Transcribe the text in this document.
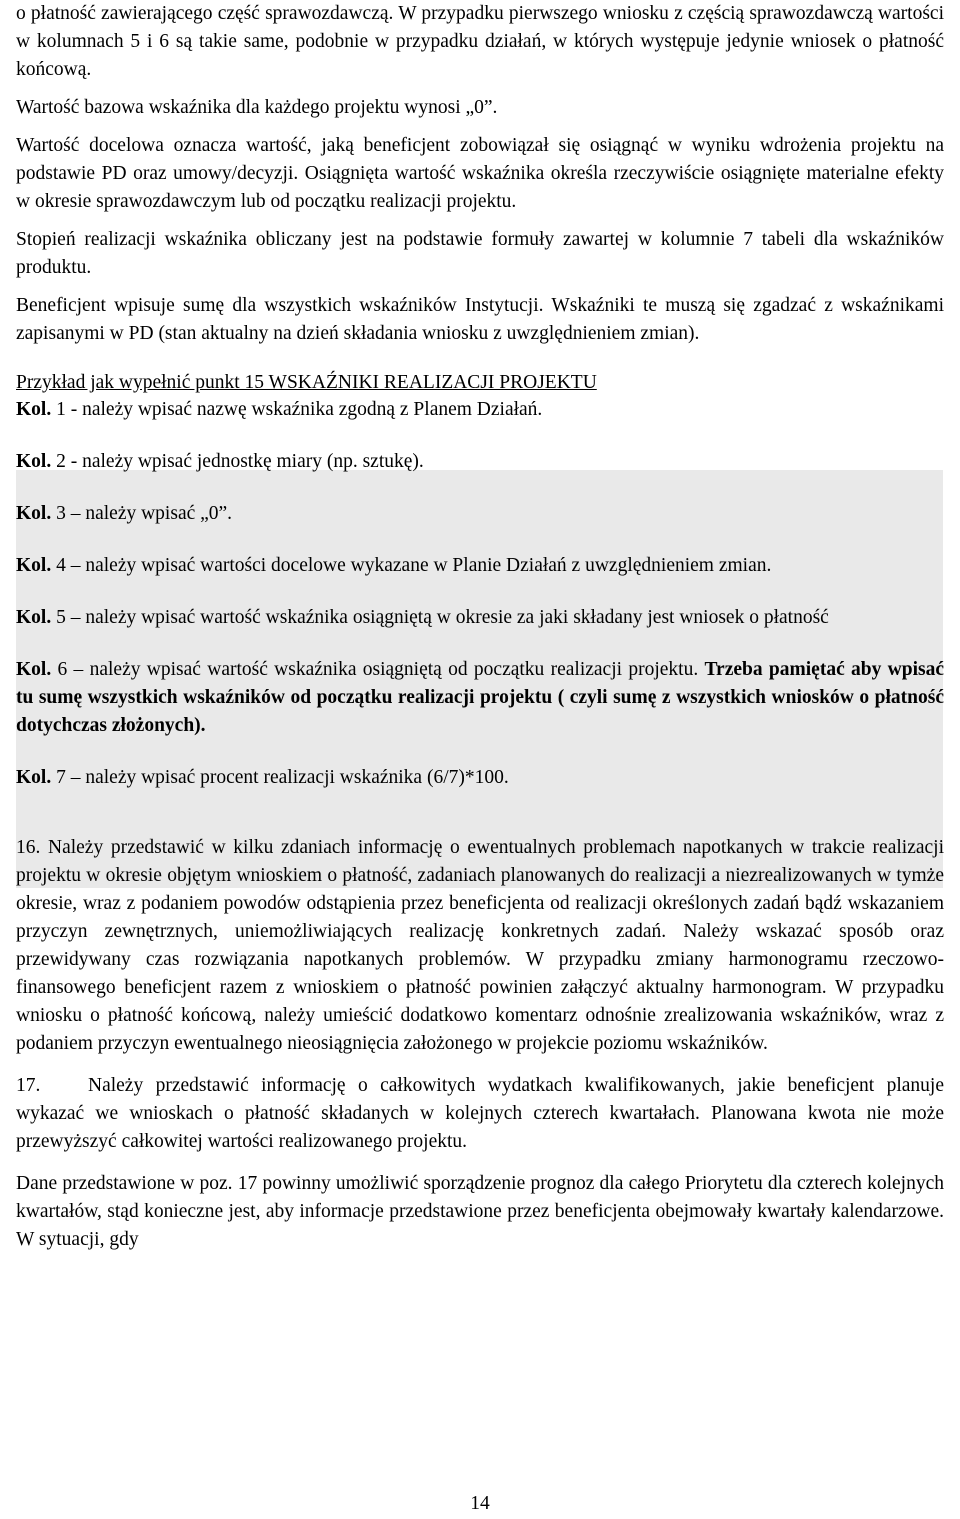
o płatność zawierającego część sprawozdawczą. W przypadku pierwszego wniosku z częścią sprawozdawczą wartości w kolumnach 5 i 6 są takie same, podobnie w przypadku działań, w których występuje jedynie wniosek o płatność końcową.

Wartość bazowa wskaźnika dla każdego projektu wynosi „0”.

Wartość docelowa oznacza wartość, jaką beneficjent zobowiązał się osiągnąć w wyniku wdrożenia projektu na podstawie PD oraz umowy/decyzji. Osiągnięta wartość wskaźnika określa rzeczywiście osiągnięte materialne efekty w okresie sprawozdawczym lub od początku realizacji projektu.

Stopień realizacji wskaźnika obliczany jest na podstawie formuły zawartej w kolumnie 7 tabeli dla wskaźników produktu.

Beneficjent wpisuje sumę dla wszystkich wskaźników Instytucji. Wskaźniki te muszą się zgadzać z wskaźnikami zapisanymi w PD (stan aktualny na dzień składania wniosku z uwzględnieniem zmian).

Przykład jak wypełnić punkt 15 WSKAŹNIKI REALIZACJI PROJEKTU

Kol. 1 - należy wpisać nazwę wskaźnika zgodną z Planem Działań.

Kol. 2 - należy wpisać jednostkę miary (np. sztukę).

Kol. 3 – należy wpisać „0”.

Kol. 4 – należy wpisać wartości docelowe wykazane w Planie Działań z uwzględnieniem zmian.

Kol. 5 – należy wpisać wartość wskaźnika osiągniętą w okresie za jaki składany jest wniosek o płatność

Kol. 6 – należy wpisać wartość wskaźnika osiągniętą od początku realizacji projektu. Trzeba pamiętać aby wpisać tu sumę wszystkich wskaźników od początku realizacji projektu ( czyli sumę z wszystkich wniosków o płatność dotychczas złożonych).

Kol. 7 – należy wpisać procent realizacji wskaźnika (6/7)*100.

16. Należy przedstawić w kilku zdaniach informację o ewentualnych problemach napotkanych w trakcie realizacji projektu w okresie objętym wnioskiem o płatność, zadaniach planowanych do realizacji a niezrealizowanych w tymże okresie, wraz z podaniem powodów odstąpienia przez beneficjenta od realizacji określonych zadań bądź wskazaniem przyczyn zewnętrznych, uniemożliwiających realizację konkretnych zadań. Należy wskazać sposób oraz przewidywany czas rozwiązania napotkanych problemów. W przypadku zmiany harmonogramu rzeczowo-finansowego beneficjent razem z wnioskiem o płatność powinien załączyć aktualny harmonogram. W przypadku wniosku o płatność końcową, należy umieścić dodatkowo komentarz odnośnie zrealizowania wskaźników, wraz z podaniem przyczyn ewentualnego nieosiągnięcia założonego w projekcie poziomu wskaźników.

17. Należy przedstawić informację o całkowitych wydatkach kwalifikowanych, jakie beneficjent planuje wykazać we wnioskach o płatność składanych w kolejnych czterech kwartałach. Planowana kwota nie może przewyższyć całkowitej wartości realizowanego projektu.

Dane przedstawione w poz. 17 powinny umożliwić sporządzenie prognoz dla całego Priorytetu dla czterech kolejnych kwartałów, stąd konieczne jest, aby informacje przedstawione przez beneficjenta obejmowały kwartały kalendarzowe. W sytuacji, gdy

14
